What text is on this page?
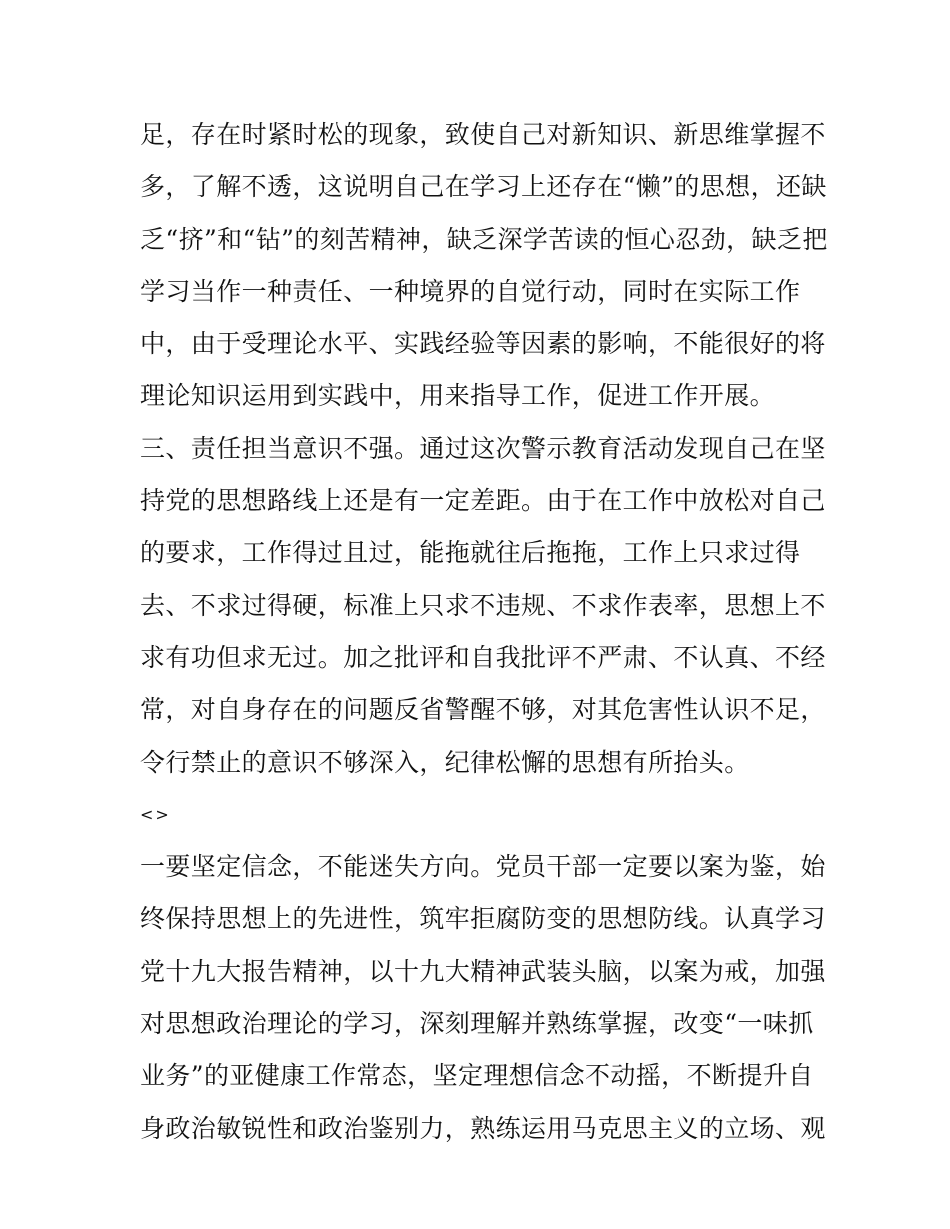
足，存在时紧时松的现象，致使自己对新知识、新思维掌握不
多，了解不透，这说明自己在学习上还存在“懒”的思想，还缺
乏“挤”和“钻”的刻苦精神，缺乏深学苦读的恒心忍劲，缺乏把
学习当作一种责任、一种境界的自觉行动，同时在实际工作
中，由于受理论水平、实践经验等因素的影响，不能很好的将
理论知识运用到实践中，用来指导工作，促进工作开展。
三、责任担当意识不强。通过这次警示教育活动发现自己在坚
持党的思想路线上还是有一定差距。由于在工作中放松对自己
的要求，工作得过且过，能拖就往后拖拖，工作上只求过得
去、不求过得硬，标准上只求不违规、不求作表率，思想上不
求有功但求无过。加之批评和自我批评不严肃、不认真、不经
常，对自身存在的问题反省警醒不够，对其危害性认识不足，
令行禁止的意识不够深入，纪律松懈的思想有所抬头。
<>
一要坚定信念，不能迷失方向。党员干部一定要以案为鉴，始
终保持思想上的先进性，筑牢拒腐防变的思想防线。认真学习
党十九大报告精神，以十九大精神武装头脑，以案为戒，加强
对思想政治理论的学习，深刻理解并熟练掌握，改变“一味抓
业务”的亚健康工作常态，坚定理想信念不动摇，不断提升自
身政治敏锐性和政治鉴别力，熟练运用马克思主义的立场、观
